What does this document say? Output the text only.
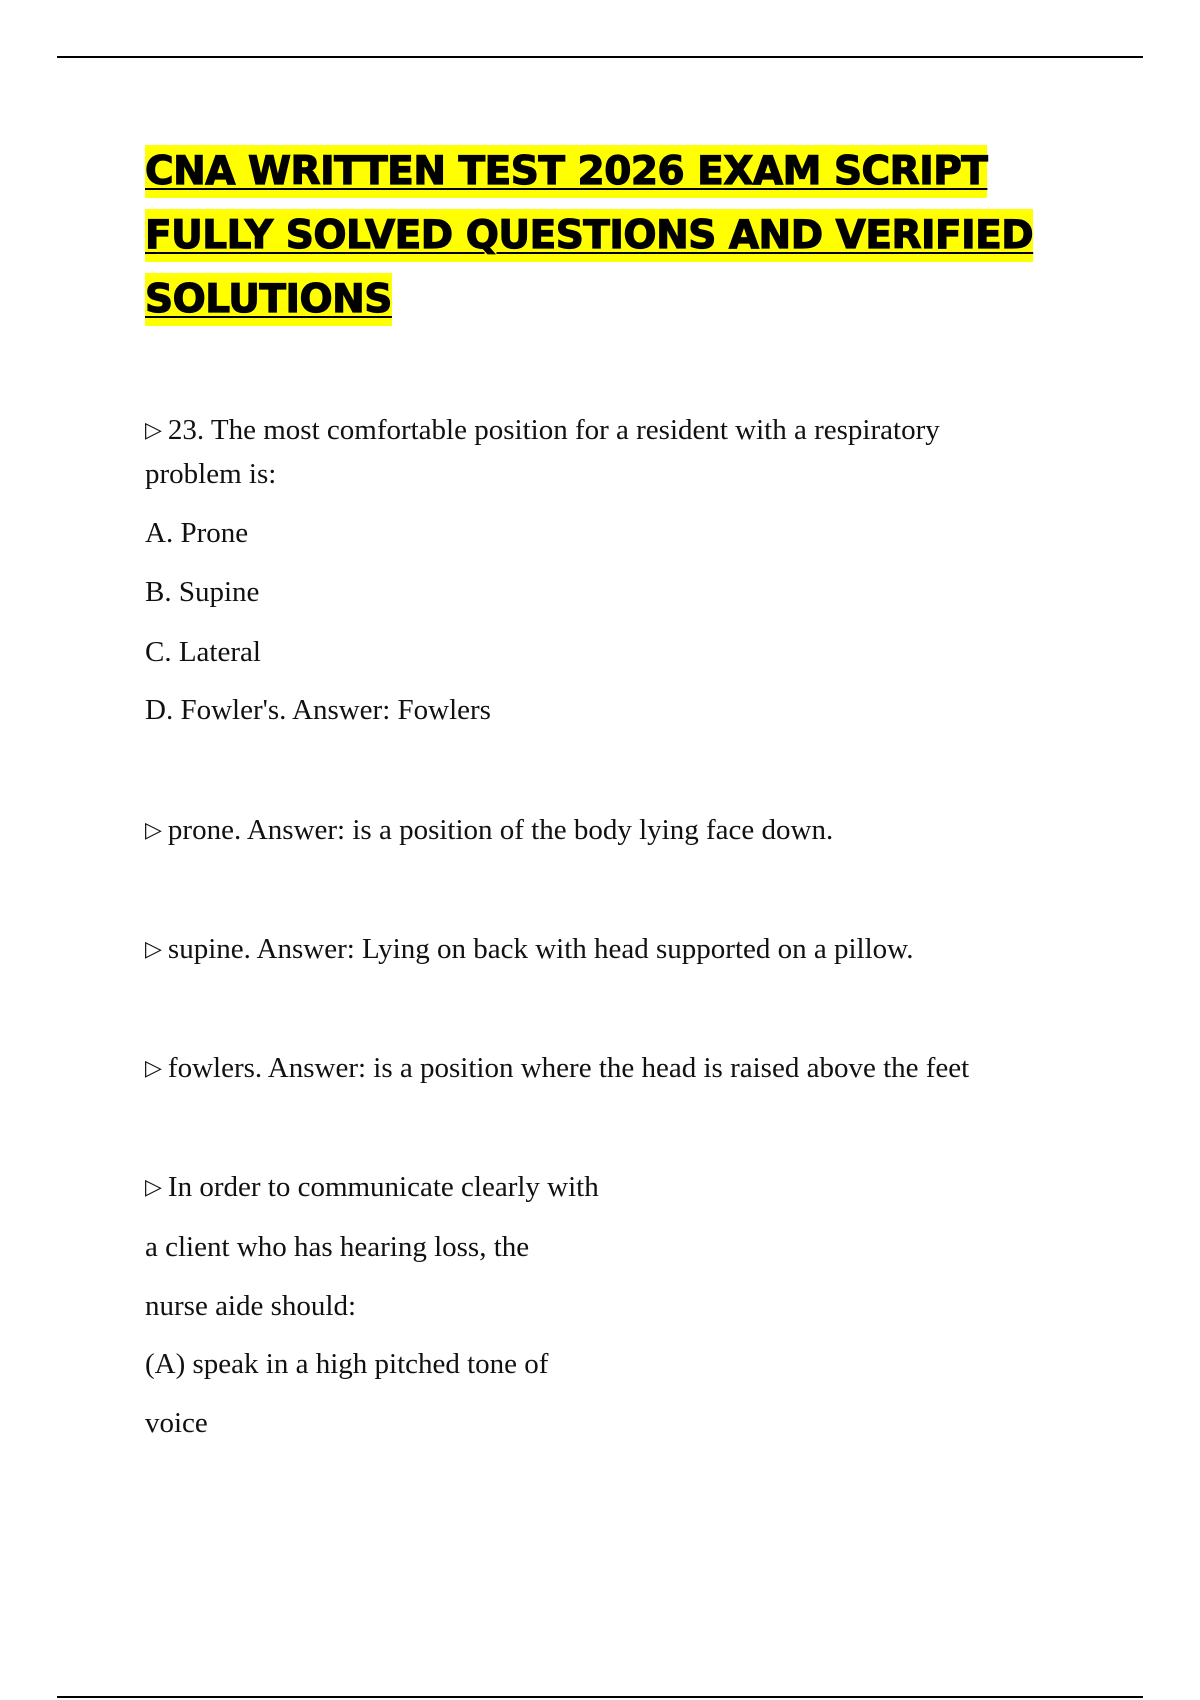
CNA WRITTEN TEST 2026 EXAM SCRIPT
FULLY SOLVED QUESTIONS AND VERIFIED
SOLUTIONS
▷ 23. The most comfortable position for a resident with a respiratory
problem is:
A. Prone
B. Supine
C. Lateral
D. Fowler's. Answer: Fowlers
▷ prone. Answer: is a position of the body lying face down.
▷ supine. Answer: Lying on back with head supported on a pillow.
▷ fowlers. Answer: is a position where the head is raised above the feet
▷ In order to communicate clearly with
a client who has hearing loss, the
nurse aide should:
(A) speak in a high pitched tone of
voice
